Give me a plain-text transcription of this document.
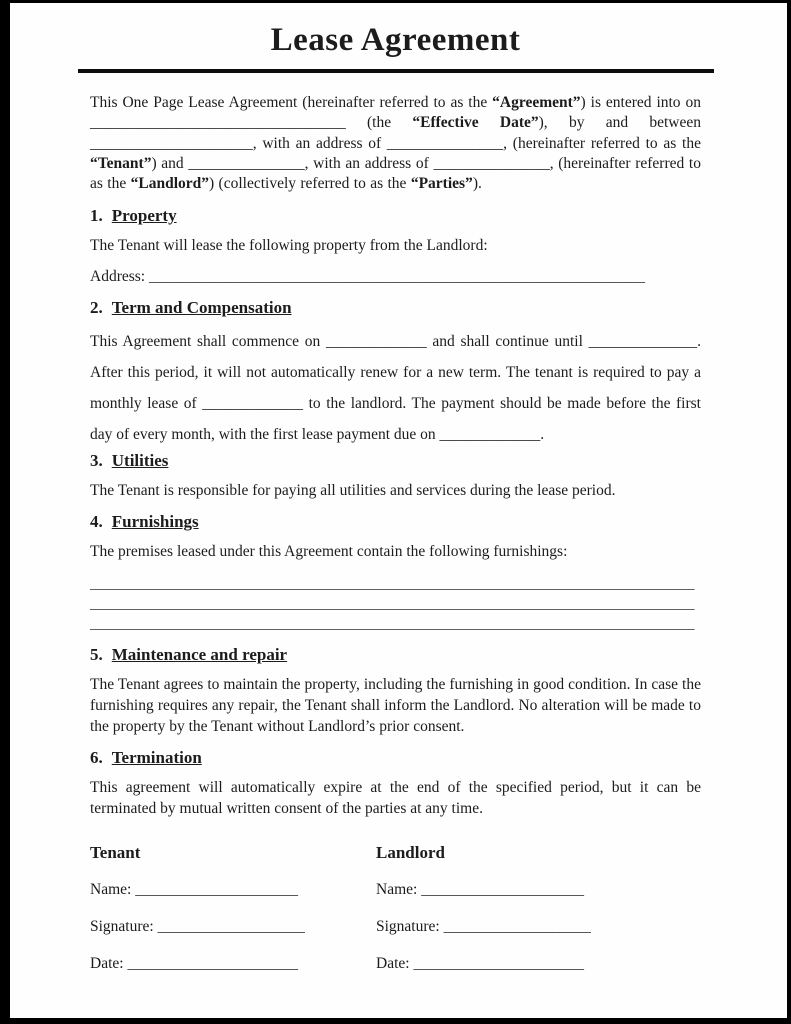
Lease Agreement

This One Page Lease Agreement (hereinafter referred to as the “Agreement”) is entered into on _________________________________ (the “Effective Date”), by and between _____________________, with an address of _______________, (hereinafter referred to as the “Tenant”) and _______________, with an address of _______________, (hereinafter referred to as the “Landlord”) (collectively referred to as the “Parties”).

1. Property

The Tenant will lease the following property from the Landlord:

Address: ________________________________________________________________

2. Term and Compensation

This Agreement shall commence on _____________ and shall continue until ______________. After this period, it will not automatically renew for a new term. The tenant is required to pay a monthly lease of _____________ to the landlord. The payment should be made before the first day of every month, with the first lease payment due on _____________.

3. Utilities

The Tenant is responsible for paying all utilities and services during the lease period.

4. Furnishings

The premises leased under this Agreement contain the following furnishings:

______________________________________________________________________________
______________________________________________________________________________
______________________________________________________________________________
5. Maintenance and repair

The Tenant agrees to maintain the property, including the furnishing in good condition. In case the furnishing requires any repair, the Tenant shall inform the Landlord. No alteration will be made to the property by the Tenant without Landlord’s prior consent.

6. Termination

This agreement will automatically expire at the end of the specified period, but it can be terminated by mutual written consent of the parties at any time.

Tenant
Name: _____________________
Signature: ___________________
Date: ______________________
Landlord
Name: _____________________
Signature: ___________________
Date: ______________________
